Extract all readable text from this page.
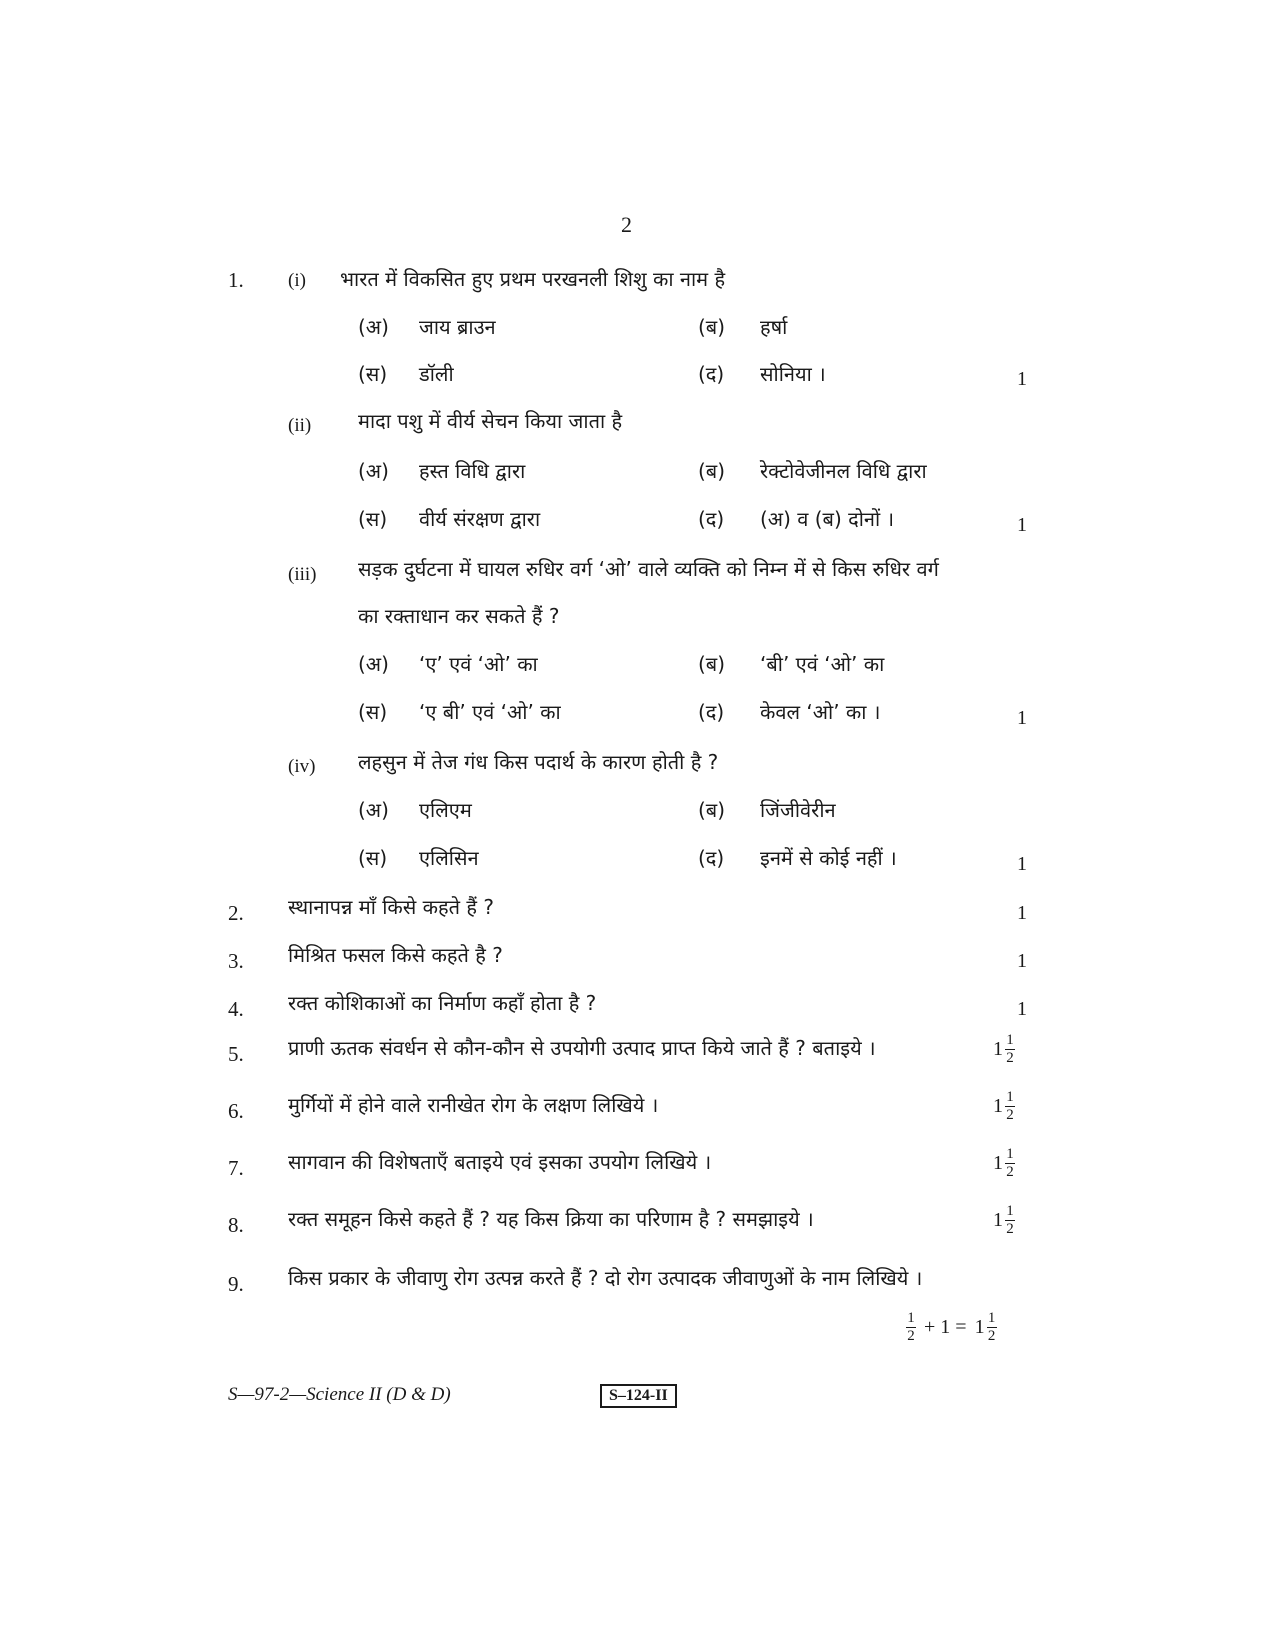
2
1. (i) भारत में विकसित हुए प्रथम परखनली शिशु का नाम है
(अ) जाय ब्राउन	(ब) हर्षा
(स) डॉली	(द) सोनिया ।	1
(ii) मादा पशु में वीर्य सेचन किया जाता है
(अ) हस्त विधि द्वारा	(ब) रेक्टोवेजीनल विधि द्वारा
(स) वीर्य संरक्षण द्वारा	(द) (अ) व (ब) दोनों ।	1
(iii) सड़क दुर्घटना में घायल रुधिर वर्ग ‘ओ’ वाले व्यक्ति को निम्न में से किस रुधिर वर्ग
का रक्ताधान कर सकते हैं ?
(अ) ‘ए’ एवं ‘ओ’ का	(ब) ‘बी’ एवं ‘ओ’ का
(स) ‘ए बी’ एवं ‘ओ’ का	(द) केवल ‘ओ’ का ।	1
(iv) लहसुन में तेज गंध किस पदार्थ के कारण होती है ?
(अ) एलिएम	(ब) जिंजीवेरीन
(स) एलिसिन	(द) इनमें से कोई नहीं ।	1
2. स्थानापन्न माँ किसे कहते हैं ?	1
3. मिश्रित फसल किसे कहते है ?	1
4. रक्त कोशिकाओं का निर्माण कहाँ होता है ?	1
5. प्राणी ऊतक संवर्धन से कौन-कौन से उपयोगी उत्पाद प्राप्त किये जाते हैं ? बताइये ।	$1 \frac{1}{2}$
6. मुर्गियों में होने वाले रानीखेत रोग के लक्षण लिखिये ।	$1 \frac{1}{2}$
7. सागवान की विशेषताएँ बताइये एवं इसका उपयोग लिखिये ।	$1 \frac{1}{2}$
8. रक्त समूहन किसे कहते हैं ? यह किस क्रिया का परिणाम है ? समझाइये ।	$1 \frac{1}{2}$
9. किस प्रकार के जीवाणु रोग उत्पन्न करते हैं ? दो रोग उत्पादक जीवाणुओं के नाम लिखिये ।
$\frac{1}{2} + 1 = 1 \frac{1}{2}$
S—97-2—Science II (D & D)	S–124-II
